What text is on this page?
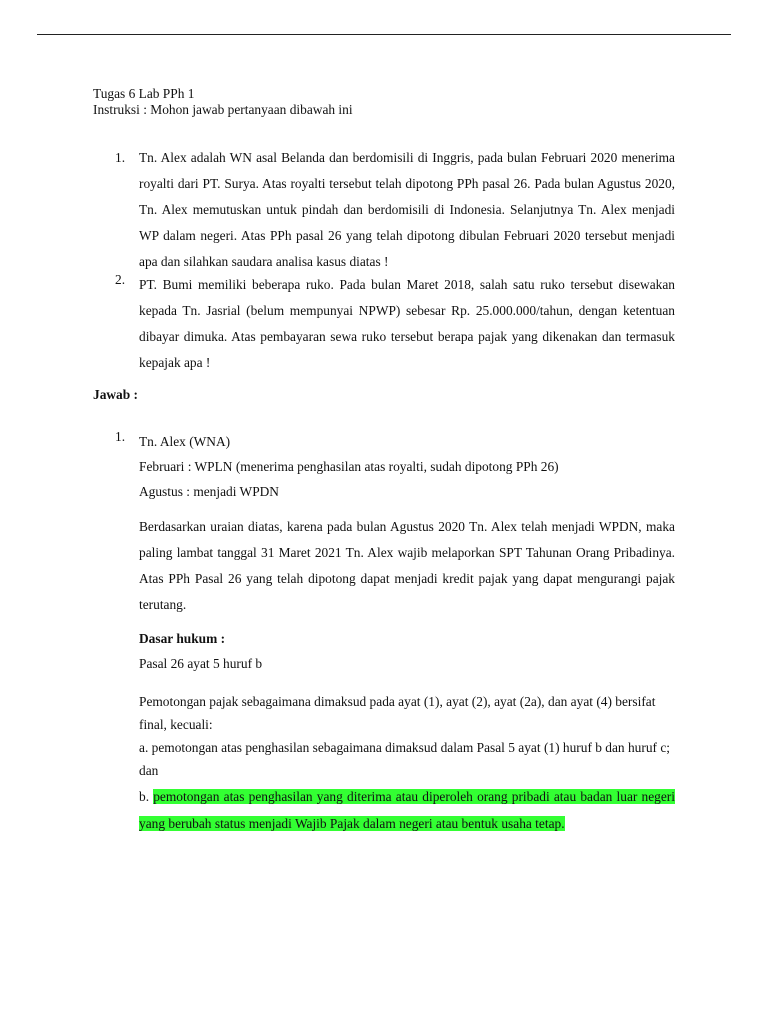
Tugas 6 Lab PPh 1
Instruksi : Mohon jawab pertanyaan dibawah ini
1. Tn. Alex adalah WN asal Belanda dan berdomisili di Inggris, pada bulan Februari 2020 menerima royalti dari PT. Surya. Atas royalti tersebut telah dipotong PPh pasal 26. Pada bulan Agustus 2020, Tn. Alex memutuskan untuk pindah dan berdomisili di Indonesia. Selanjutnya Tn. Alex menjadi WP dalam negeri. Atas PPh pasal 26 yang telah dipotong dibulan Februari 2020 tersebut menjadi apa dan silahkan saudara analisa kasus diatas !
2. PT. Bumi memiliki beberapa ruko. Pada bulan Maret 2018, salah satu ruko tersebut disewakan kepada Tn. Jasrial (belum mempunyai NPWP) sebesar Rp. 25.000.000/tahun, dengan ketentuan dibayar dimuka. Atas pembayaran sewa ruko tersebut berapa pajak yang dikenakan dan termasuk kepajak apa !
Jawab :
1. Tn. Alex (WNA)
Februari : WPLN (menerima penghasilan atas royalti, sudah dipotong PPh 26)
Agustus : menjadi WPDN
Berdasarkan uraian diatas, karena pada bulan Agustus 2020 Tn. Alex telah menjadi WPDN, maka paling lambat tanggal 31 Maret 2021 Tn. Alex wajib melaporkan SPT Tahunan Orang Pribadinya. Atas PPh Pasal 26 yang telah dipotong dapat menjadi kredit pajak yang dapat mengurangi pajak terutang.
Dasar hukum :
Pasal 26 ayat 5 huruf b
Pemotongan pajak sebagaimana dimaksud pada ayat (1), ayat (2), ayat (2a), dan ayat (4) bersifat final, kecuali:
a. pemotongan atas penghasilan sebagaimana dimaksud dalam Pasal 5 ayat (1) huruf b dan huruf c; dan
b. pemotongan atas penghasilan yang diterima atau diperoleh orang pribadi atau badan luar negeri yang berubah status menjadi Wajib Pajak dalam negeri atau bentuk usaha tetap.
